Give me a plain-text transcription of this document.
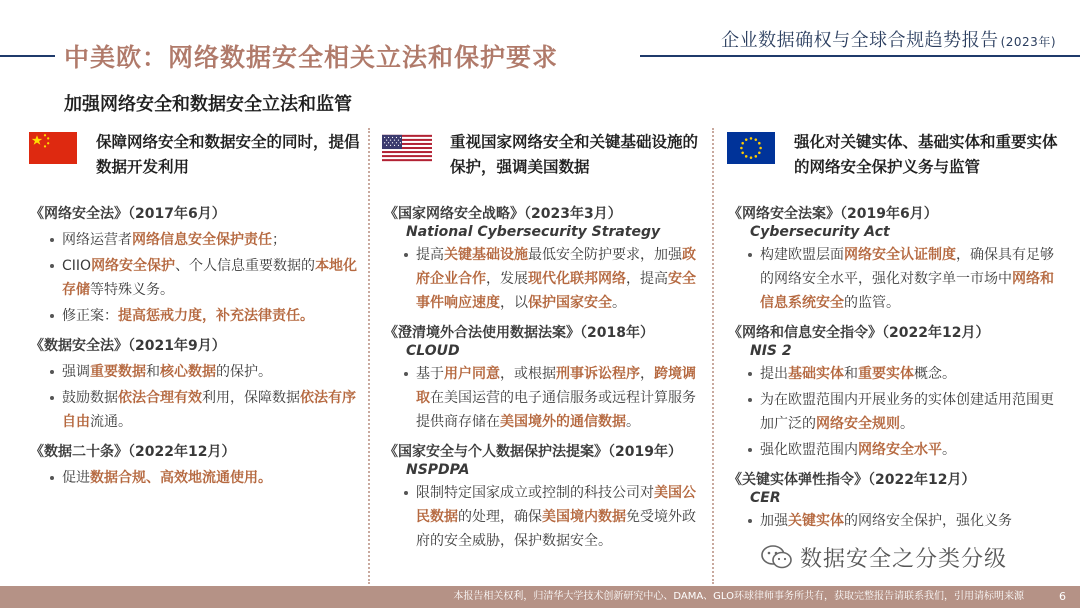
企业数据确权与全球合规趋势报告 (2023年)
中美欧：网络数据安全相关立法和保护要求
加强网络安全和数据安全立法和监管
保障网络安全和数据安全的同时，提倡数据开发利用
《网络安全法》（2017年6月）
网络运营者网络信息安全保护责任；
CIIO网络安全保护、个人信息重要数据的本地化存储等特殊义务。
修正案：提高惩戒力度，补充法律责任。
《数据安全法》（2021年9月）
强调重要数据和核心数据的保护。
鼓励数据依法合理有效利用，保障数据依法有序自由流通。
《数据二十条》（2022年12月）
促进数据合规、高效地流通使用。
重视国家网络安全和关键基础设施的保护，强调美国数据
《国家网络安全战略》（2023年3月）
National Cybersecurity Strategy
提高关键基础设施最低安全防护要求，加强政府企业合作，发展现代化联邦网络，提高安全事件响应速度，以保护国家安全。
《澄清境外合法使用数据法案》（2018年）
CLOUD
基于用户同意，或根据刑事诉讼程序，跨境调取在美国运营的电子通信服务或远程计算服务提供商存储在美国境外的通信数据。
《国家安全与个人数据保护法提案》（2019年）
NSPDPA
限制特定国家成立或控制的科技公司对美国公民数据的处理，确保美国境内数据免受境外政府的安全威胁，保护数据安全。
强化对关键实体、基础实体和重要实体的网络安全保护义务与监管
《网络安全法案》（2019年6月）
Cybersecurity Act
构建欧盟层面网络安全认证制度，确保具有足够的网络安全水平，强化对数字单一市场中网络和信息系统安全的监管。
《网络和信息安全指令》（2022年12月）
NIS 2
提出基础实体和重要实体概念。
为在欧盟范围内开展业务的实体创建适用范围更加广泛的网络安全规则。
强化欧盟范围内网络安全水平。
《关键实体弹性指令》（2022年12月）
CER
加强关键实体的网络安全保护，强化义务
本报告相关权利，归清华大学技术创新研究中心、DAMA、GLO环球律师事务所共有，获取完整报告请联系我们，引用请标明来源	6
数据安全之分类分级
